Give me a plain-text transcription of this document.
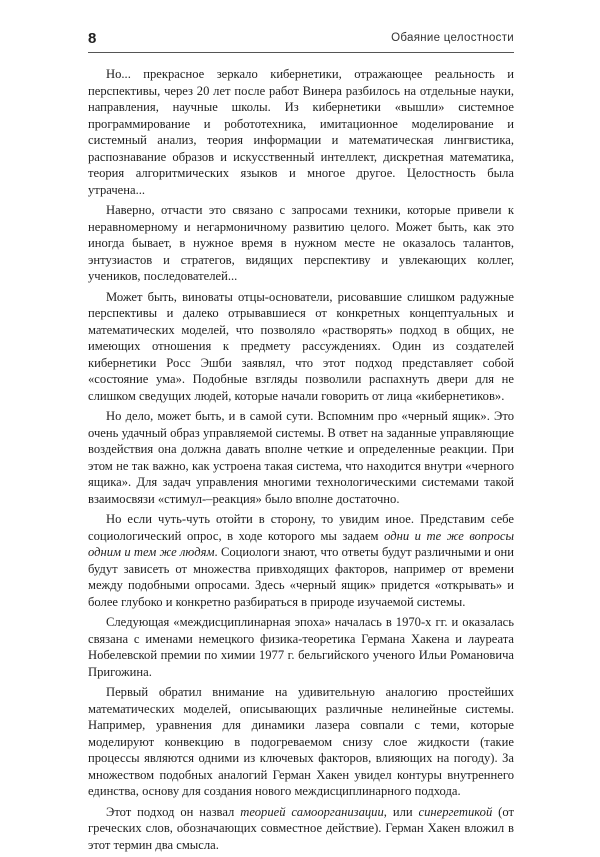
8	Обаяние целостности

Но... прекрасное зеркало кибернетики, отражающее реальность и перспективы, через 20 лет после работ Винера разбилось на отдельные науки, направления, научные школы. Из кибернетики «вышли» системное программирование и робототехника, имитационное моделирование и системный анализ, теория информации и математическая лингвистика, распознавание образов и искусственный интеллект, дискретная математика, теория алгоритмических языков и многое другое. Целостность была утрачена...

Наверно, отчасти это связано с запросами техники, которые привели к неравномерному и негармоничному развитию целого. Может быть, как это иногда бывает, в нужное время в нужном месте не оказалось талантов, энтузиастов и стратегов, видящих перспективу и увлекающих коллег, учеников, последователей...

Может быть, виноваты отцы-основатели, рисовавшие слишком радужные перспективы и далеко отрывавшиеся от конкретных концептуальных и математических моделей, что позволяло «растворять» подход в общих, не имеющих отношения к предмету рассуждениях. Один из создателей кибернетики Росс Эшби заявлял, что этот подход представляет собой «состояние ума». Подобные взгляды позволили распахнуть двери для не слишком сведущих людей, которые начали говорить от лица «кибернетиков».

Но дело, может быть, и в самой сути. Вспомним про «черный ящик». Это очень удачный образ управляемой системы. В ответ на заданные управляющие воздействия она должна давать вполне четкие и определенные реакции. При этом не так важно, как устроена такая система, что находится внутри «черного ящика». Для задач управления многими технологическими системами такой взаимосвязи «стимул-–реакция» было вполне достаточно.

Но если чуть-чуть отойти в сторону, то увидим иное. Представим себе социологический опрос, в ходе которого мы задаем одни и те же вопросы одним и тем же людям. Социологи знают, что ответы будут различными и они будут зависеть от множества привходящих факторов, например от времени между подобными опросами. Здесь «черный ящик» придется «открывать» и более глубоко и конкретно разбираться в природе изучаемой системы.

Следующая «междисциплинарная эпоха» началась в 1970-х гг. и оказалась связана с именами немецкого физика-теоретика Германа Хакена и лауреата Нобелевской премии по химии 1977 г. бельгийского ученого Ильи Романовича Пригожина.

Первый обратил внимание на удивительную аналогию простейших математических моделей, описывающих различные нелинейные системы. Например, уравнения для динамики лазера совпали с теми, которые моделируют конвекцию в подогреваемом снизу слое жидкости (такие процессы являются одними из ключевых факторов, влияющих на погоду). За множеством подобных аналогий Герман Хакен увидел контуры внутреннего единства, основу для создания нового междисциплинарного подхода.

Этот подход он назвал теорией самоорганизации, или синергетикой (от греческих слов, обозначающих совместное действие). Герман Хакен вложил в этот термин два смысла.
